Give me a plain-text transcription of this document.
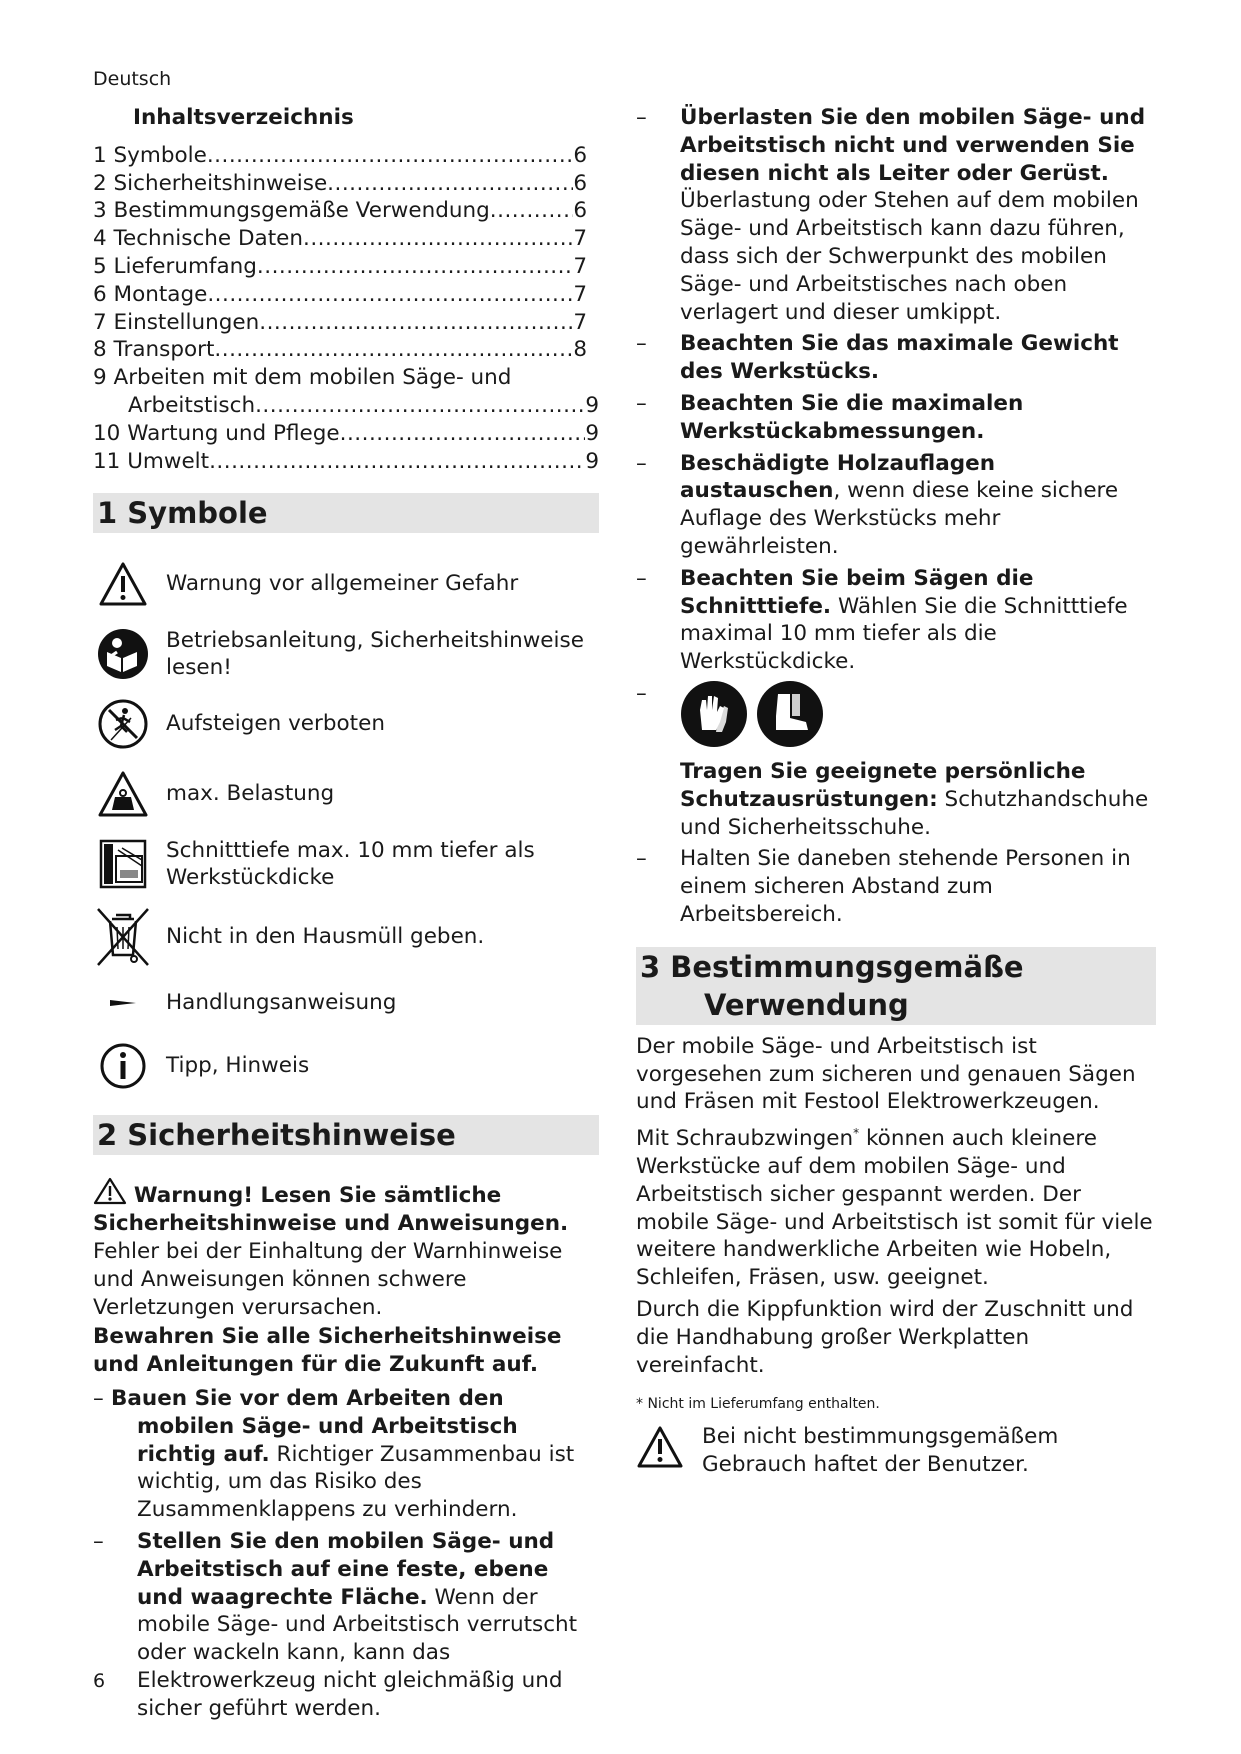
Deutsch
Inhaltsverzeichnis
1 Symbole .....	6
2 Sicherheitshinweise .....	6
3 Bestimmungsgemäße Verwendung .....	6
4 Technische Daten .....	7
5 Lieferumfang .....	7
6 Montage .....	7
7 Einstellungen .....	7
8 Transport .....	8
9 Arbeiten mit dem mobilen Säge- und
Arbeitstisch .....	9
10 Wartung und Pflege .....	9
11 Umwelt .....	9
1 Symbole
Warnung vor allgemeiner Gefahr
Betriebsanleitung, Sicherheitshinweise lesen!
Aufsteigen verboten
max. Belastung
Schnitttiefe max. 10 mm tiefer als Werkstückdicke
Nicht in den Hausmüll geben.
Handlungsanweisung
Tipp, Hinweis
2 Sicherheitshinweise

Warnung! Lesen Sie sämtliche Sicherheitshinweise und Anweisungen. Fehler bei der Einhaltung der Warnhinweise und Anweisungen können schwere Verletzungen verursachen.

Bewahren Sie alle Sicherheitshinweise und Anleitungen für die Zukunft auf.

– Bauen Sie vor dem Arbeiten den mobilen Säge- und Arbeitstisch richtig auf. Richtiger Zusammenbau ist wichtig, um das Risiko des Zusammenklappens zu verhindern.
– Stellen Sie den mobilen Säge- und Arbeitstisch auf eine feste, ebene und waagrechte Fläche. Wenn der mobile Säge- und Arbeitstisch verrutscht oder wackeln kann, kann das Elektrowerkzeug nicht gleichmäßig und sicher geführt werden.
– Überlasten Sie den mobilen Säge- und Arbeitstisch nicht und verwenden Sie diesen nicht als Leiter oder Gerüst. Überlastung oder Stehen auf dem mobilen Säge- und Arbeitstisch kann dazu führen, dass sich der Schwerpunkt des mobilen Säge- und Arbeitstisches nach oben verlagert und dieser umkippt.
– Beachten Sie das maximale Gewicht des Werkstücks.
– Beachten Sie die maximalen Werkstückabmessungen.
– Beschädigte Holzauflagen austauschen, wenn diese keine sichere Auflage des Werkstücks mehr gewährleisten.
– Beachten Sie beim Sägen die Schnitttiefe. Wählen Sie die Schnitttiefe maximal 10 mm tiefer als die Werkstückdicke.
– Tragen Sie geeignete persönliche Schutzausrüstungen: Schutzhandschuhe und Sicherheitsschuhe.
– Halten Sie daneben stehende Personen in einem sicheren Abstand zum Arbeitsbereich.
3 Bestimmungsgemäße
Verwendung

Der mobile Säge- und Arbeitstisch ist vorgesehen zum sicheren und genauen Sägen und Fräsen mit Festool Elektrowerkzeugen.

Mit Schraubzwingen* können auch kleinere Werkstücke auf dem mobilen Säge- und Arbeitstisch sicher gespannt werden. Der mobile Säge- und Arbeitstisch ist somit für viele weitere handwerkliche Arbeiten wie Hobeln, Schleifen, Fräsen, usw. geeignet.

Durch die Kippfunktion wird der Zuschnitt und die Handhabung großer Werkplatten vereinfacht.

* Nicht im Lieferumfang enthalten.

Bei nicht bestimmungsgemäßem Gebrauch haftet der Benutzer.

6
